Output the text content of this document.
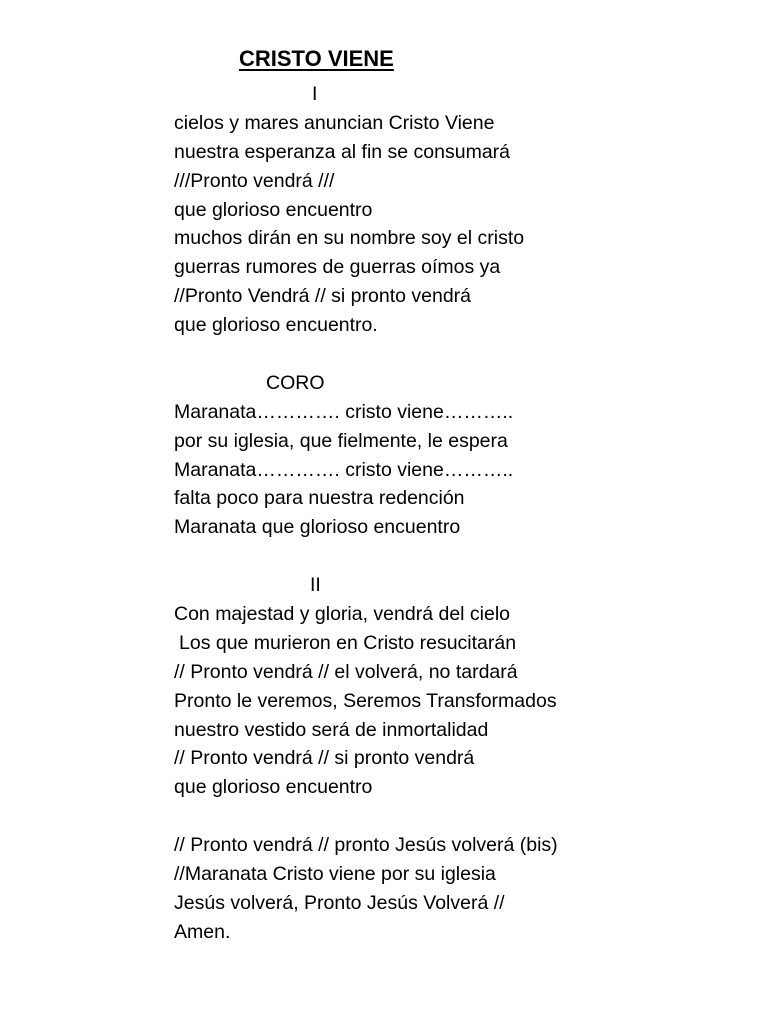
CRISTO VIENE
I
cielos y mares anuncian Cristo Viene
nuestra esperanza al fin se consumará
///Pronto vendrá ///
que glorioso encuentro
muchos dirán en su nombre soy el cristo
guerras rumores de guerras oímos ya
//Pronto Vendrá // si pronto vendrá
que glorioso encuentro.
CORO
Maranata…………. cristo viene………..
por su iglesia, que fielmente, le espera
Maranata…………. cristo viene………..
falta poco para nuestra redención
Maranata que glorioso encuentro
II
Con majestad y gloria, vendrá del cielo
Los que murieron en Cristo resucitarán
// Pronto vendrá // el volverá, no tardará
Pronto le veremos, Seremos Transformados
nuestro vestido será de inmortalidad
// Pronto vendrá // si pronto vendrá
que glorioso encuentro
// Pronto vendrá // pronto Jesús volverá (bis)
//Maranata Cristo viene por su iglesia
Jesús volverá, Pronto Jesús Volverá //
Amen.
